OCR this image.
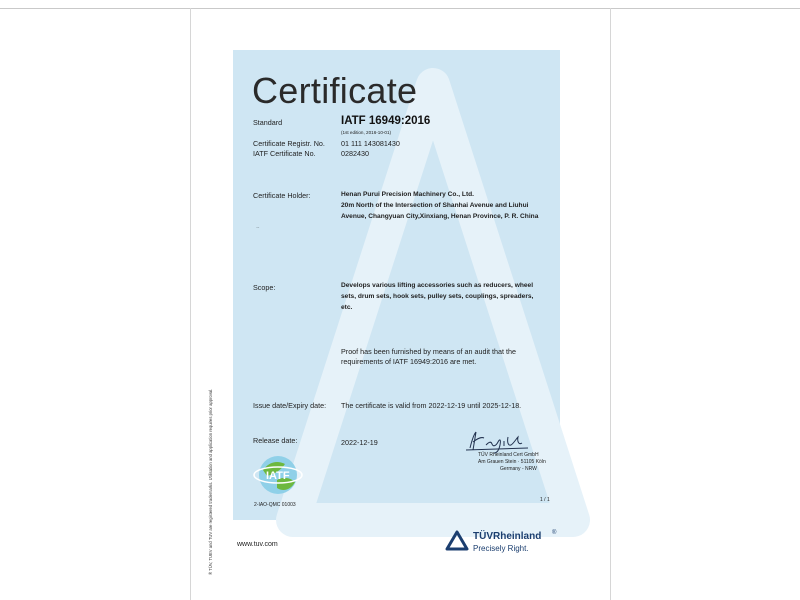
Certificate
Standard	IATF 16949:2016
(1st edition, 2016-10-01)
Certificate Registr. No. 01 111 143081430
IATF Certificate No.	0282430
Certificate Holder:	Henan Purui Precision Machinery Co., Ltd.
20m North of the Intersection of Shanhai Avenue and Liuhui
Avenue, Changyuan City,Xinxiang, Henan Province, P. R. China
Scope:	Develops various lifting accessories such as reducers, wheel
sets, drum sets, hook sets, pulley sets, couplings, spreaders,
etc.
Proof has been furnished by means of an audit that the
requirements of IATF 16949:2016 are met.
Issue date/Expiry date: The certificate is valid from 2022-12-19 until 2025-12-18.
Release date:	2022-12-19
K. Jugl
TÜV Rheinland Cert GmbH
Am Grauen Stein · 51105 Köln
Germany - NRW
1 / 1
IATF
2-IAO-QMC 01003
www.tuv.com
TÜVRheinland ®
Precisely Right.
® TÜV, TUEV and TUV are registered trademarks. Utilisation and application requires prior approval.
